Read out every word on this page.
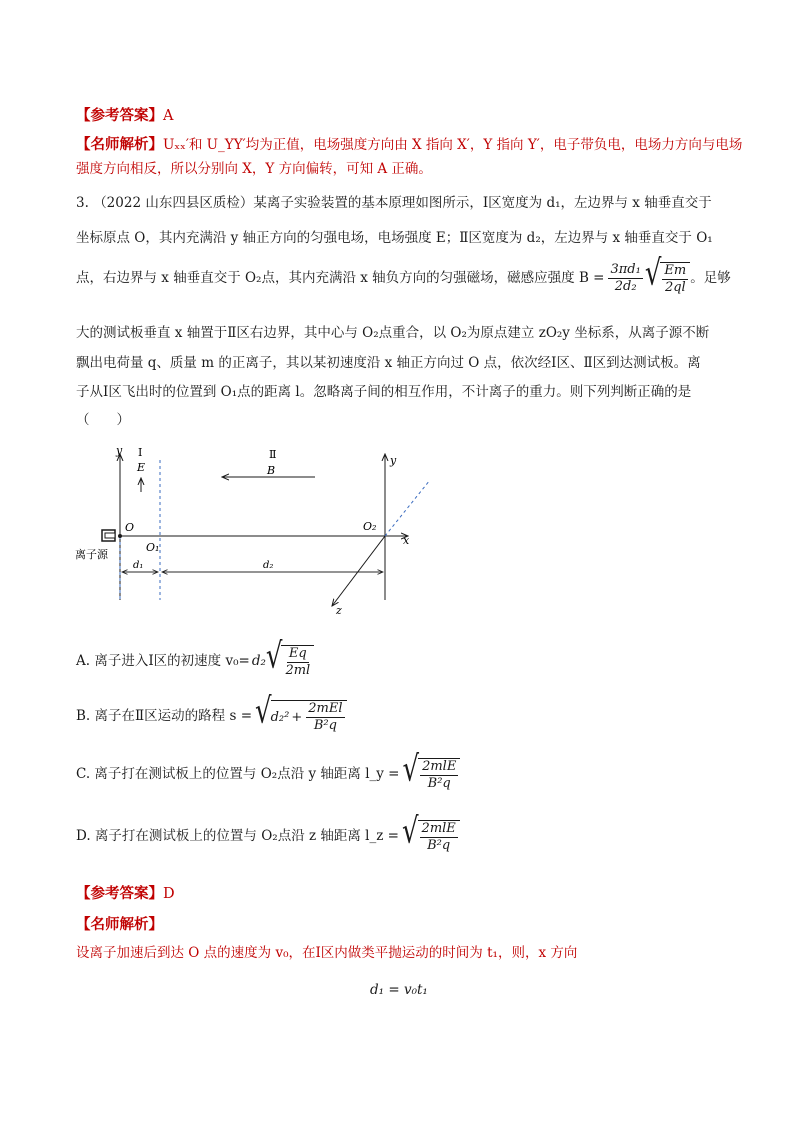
【参考答案】A
【名师解析】Uₓₓ′和 U_YY′均为正值，电场强度方向由 X 指向 X′，Y 指向 Y′，电子带负电，电场力方向与电场
强度方向相反，所以分别向 X，Y 方向偏转，可知 A 正确。
3. （2022 山东四县区质检）某离子实验装置的基本原理如图所示，Ⅰ区宽度为 d₁，左边界与 x 轴垂直交于
坐标原点 O，其内充满沿 y 轴正方向的匀强电场，电场强度 E；Ⅱ区宽度为 d₂，左边界与 x 轴垂直交于 O₁
点，右边界与 x 轴垂直交于 O₂点，其内充满沿 x 轴负方向的匀强磁场，磁感应强度 $B = \frac{\text{3πd₁}}{\text{2d₂}}$ √ $\frac{Em}{2ql}$ 。足够
大的测试板垂直 x 轴置于Ⅱ区右边界，其中心与 O₂点重合，以 O₂为原点建立 zO₂y 坐标系，从离子源不断
飘出电荷量 q、质量 m 的正离子，其以某初速度沿 x 轴正方向过 O 点，依次经Ⅰ区、Ⅱ区到达测试板。离
子从Ⅰ区飞出时的位置到 O₁点的距离 l。忽略离子间的相互作用，不计离子的重力。则下列判断正确的是
（　　）
y Ⅰ
E
Ⅱ
B
y
O
O₁
O₂
x
z
d₁	d₂
离子源
A. 离子进入Ⅰ区的初速度 v₀= d₂ √ $\frac{Eq}{2ml}$
B. 离子在Ⅱ区运动的路程 s = √ $d_2^2 + \frac{\text{2mEl}}{\text{B²q}}$
C. 离子打在测试板上的位置与 O₂点沿 y 轴距离 l_y = √ $\frac{\text{2mlE}}{\text{B²q}}$
D. 离子打在测试板上的位置与 O₂点沿 z 轴距离 l_z = √ $\frac{\text{2mlE}}{\text{B²q}}$
【参考答案】D
【名师解析】
设离子加速后到达 O 点的速度为 v₀，在Ⅰ区内做类平抛运动的时间为 t₁，则，x 方向
d₁ = v₀t₁
